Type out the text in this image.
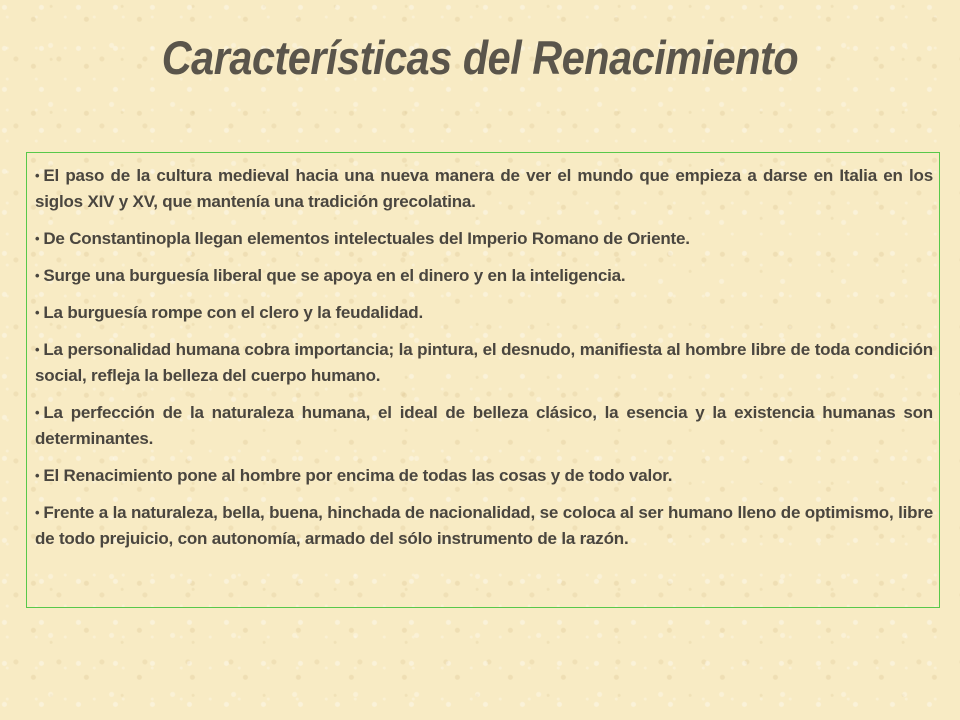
Características del Renacimiento
• El paso de la cultura medieval hacia una nueva manera de ver el mundo que empieza a darse en Italia en los siglos XIV y XV, que mantenía una tradición grecolatina.
• De Constantinopla llegan elementos intelectuales del Imperio Romano de Oriente.
• Surge una burguesía liberal que se apoya en el dinero y en la inteligencia.
• La burguesía rompe con el clero y la feudalidad.
• La personalidad humana cobra importancia; la pintura, el desnudo, manifiesta al hombre libre de toda condición social, refleja la belleza del cuerpo humano.
• La perfección de la naturaleza humana, el ideal de belleza clásico, la esencia y la existencia humanas son determinantes.
• El Renacimiento pone al hombre por encima de todas las cosas y de todo valor.
• Frente a la naturaleza, bella, buena, hinchada de nacionalidad, se coloca al ser humano lleno de optimismo, libre de todo prejuicio, con autonomía, armado del sólo instrumento de la razón.
